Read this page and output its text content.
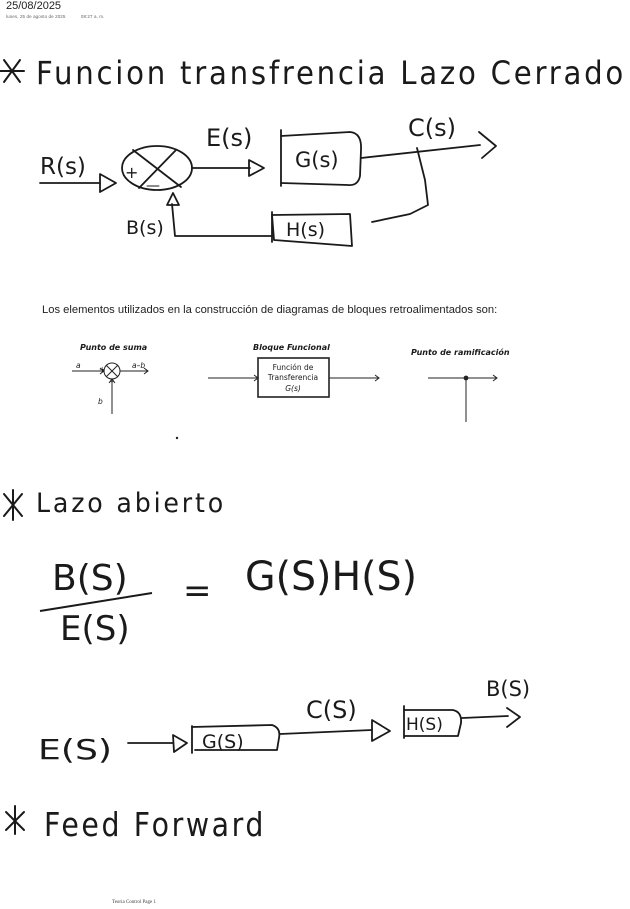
25/08/2025
lunes, 25 de agosto de 2025	08:27 a. m.
Funcion transfrencia Lazo Cerrado
R(s)
E(s)
G(s)
C(s)
B(s)	H(s)
+
—
Punto de suma
a	a–b
b
+
–
Bloque Funcional
Función de
Transferencia
G(s)
Punto de ramificación
Lazo abierto
B(S)
E(S)
= G(S)H(S)
E(S)	G(S)
C(S)
H(S)
B(S)
Feed Forward
Los elementos utilizados en la construcción de diagramas de bloques retroalimentados son:
Teoria Control Page 1
